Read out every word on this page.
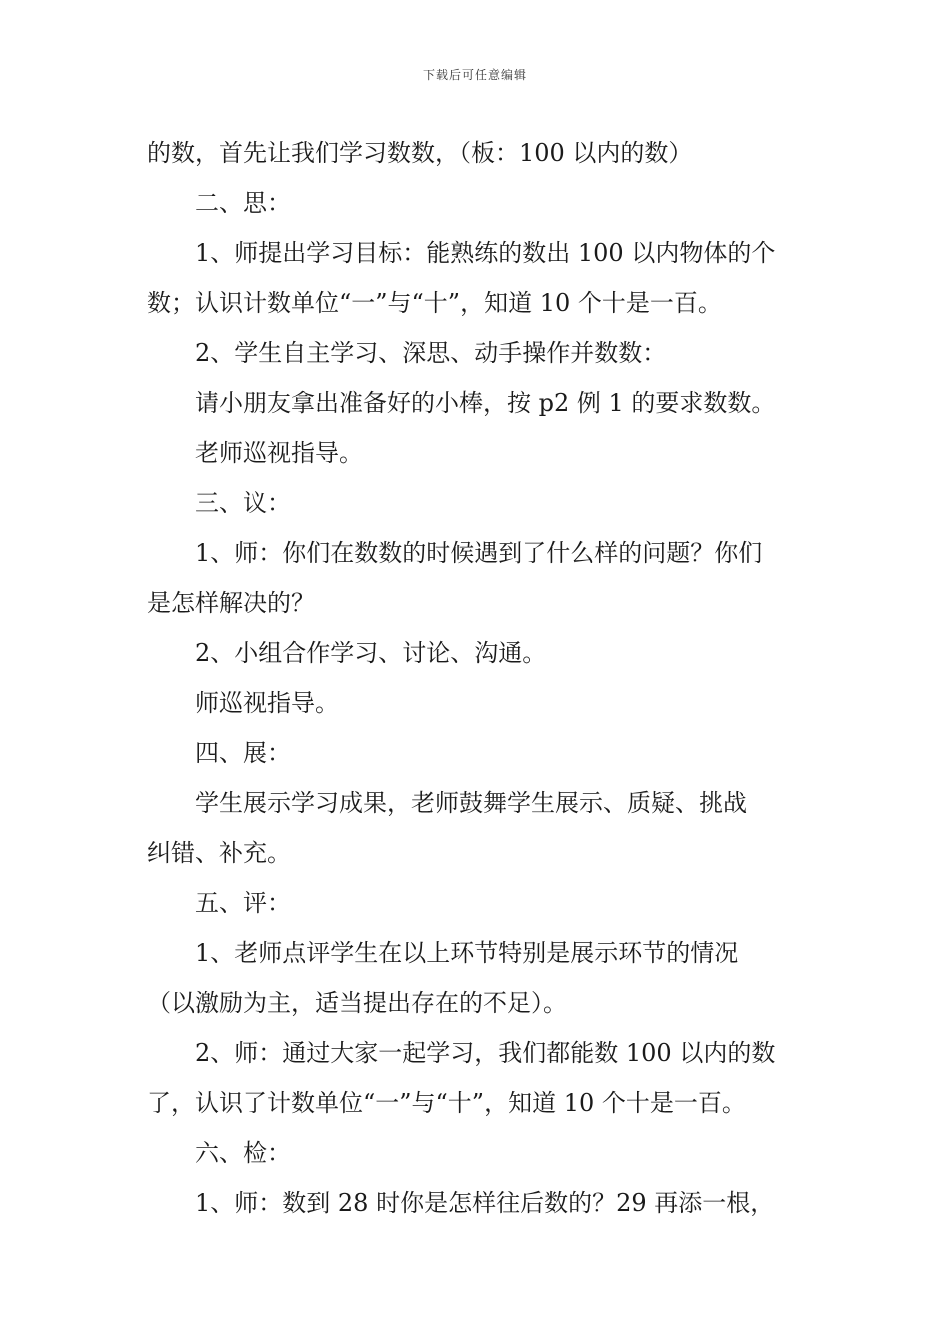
下载后可任意编辑
的数，首先让我们学习数数，（板：100 以内的数）
二、思：
1、师提出学习目标：能熟练的数出 100 以内物体的个
数；认识计数单位“一”与“十”，知道 10 个十是一百。
2、学生自主学习、深思、动手操作并数数：
请小朋友拿出准备好的小棒，按 p2 例 1 的要求数数。
老师巡视指导。
三、议：
1、师：你们在数数的时候遇到了什么样的问题？你们
是怎样解决的？
2、小组合作学习、讨论、沟通。
师巡视指导。
四、展：
学生展示学习成果，老师鼓舞学生展示、质疑、挑战
纠错、补充。
五、评：
1、老师点评学生在以上环节特别是展示环节的情况
（以激励为主，适当提出存在的不足）。
2、师：通过大家一起学习，我们都能数 100 以内的数
了，认识了计数单位“一”与“十”，知道 10 个十是一百。
六、检：
1、师：数到 28 时你是怎样往后数的？29 再添一根，
